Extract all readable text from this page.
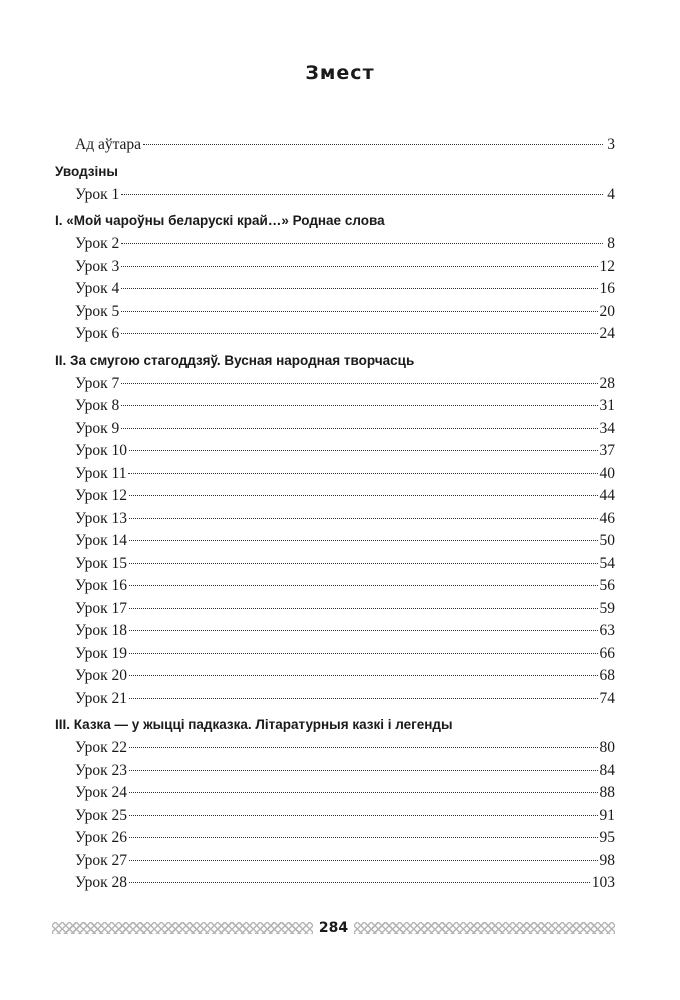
Змест
Ад аўтара	3
Уводзіны
Урок 1	4
I. «Мой чароўны беларускі край…» Роднае слова
Урок 2	8
Урок 3	12
Урок 4	16
Урок 5	20
Урок 6	24
II. За смугою стагоддзяў. Вусная народная творчасць
Урок 7	28
Урок 8	31
Урок 9	34
Урок 10	37
Урок 11	40
Урок 12	44
Урок 13	46
Урок 14	50
Урок 15	54
Урок 16	56
Урок 17	59
Урок 18	63
Урок 19	66
Урок 20	68
Урок 21	74
III. Казка — у жыцці падказка. Літаратурныя казкі і легенды
Урок 22	80
Урок 23	84
Урок 24	88
Урок 25	91
Урок 26	95
Урок 27	98
Урок 28	103
284
